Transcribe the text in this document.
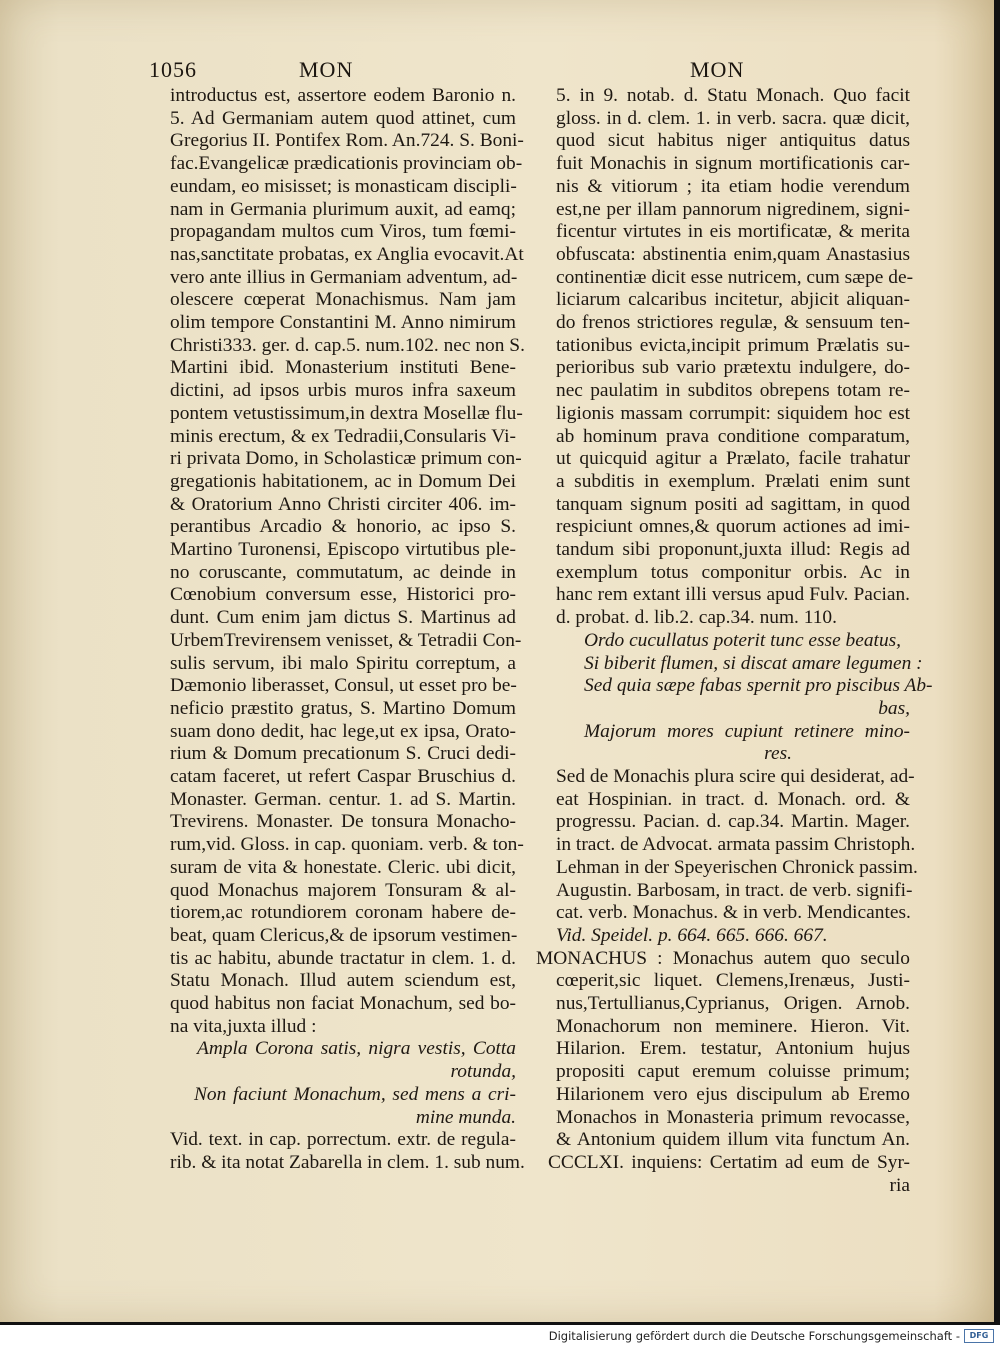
1056	MON	MON
introductus est, assertore eodem Baronio n.
5. Ad Germaniam autem quod attinet, cum
Gregorius II. Pontifex Rom. An.724. S. Boni-
fac.Evangelicæ prædicationis provinciam ob-
eundam, eo misisset; is monasticam discipli-
nam in Germania plurimum auxit, ad eamq;
propagandam multos cum Viros, tum fœmi-
nas,sanctitate probatas, ex Anglia evocavit.At
vero ante illius in Germaniam adventum, ad-
olescere cœperat Monachismus. Nam jam
olim tempore Constantini M. Anno nimirum
Christi333. ger. d. cap.5. num.102. nec non S.
Martini ibid. Monasterium instituti Bene-
dictini, ad ipsos urbis muros infra saxeum
pontem vetustissimum,in dextra Mosellæ flu-
minis erectum, & ex Tedradii,Consularis Vi-
ri privata Domo, in Scholasticæ primum con-
gregationis habitationem, ac in Domum Dei
& Oratorium Anno Christi circiter 406. im-
perantibus Arcadio & honorio, ac ipso S.
Martino Turonensi, Episcopo virtutibus ple-
no coruscante, commutatum, ac deinde in
Cœnobium conversum esse, Historici pro-
dunt. Cum enim jam dictus S. Martinus ad
UrbemTrevirensem venisset, & Tetradii Con-
sulis servum, ibi malo Spiritu correptum, a
Dæmonio liberasset, Consul, ut esset pro be-
neficio præstito gratus, S. Martino Domum
suam dono dedit, hac lege,ut ex ipsa, Orato-
rium & Domum precationum S. Cruci dedi-
catam faceret, ut refert Caspar Bruschius d.
Monaster. German. centur. 1. ad S. Martin.
Trevirens. Monaster. De tonsura Monacho-
rum,vid. Gloss. in cap. quoniam. verb. & ton-
suram de vita & honestate. Cleric. ubi dicit,
quod Monachus majorem Tonsuram & al-
tiorem,ac rotundiorem coronam habere de-
beat, quam Clericus,& de ipsorum vestimen-
tis ac habitu, abunde tractatur in clem. 1. d.
Statu Monach. Illud autem sciendum est,
quod habitus non faciat Monachum, sed bo-
na vita,juxta illud :
Ampla Corona satis, nigra vestis, Cotta
rotunda,
Non faciunt Monachum, sed mens a cri-
mine munda.
Vid. text. in cap. porrectum. extr. de regula-
rib. & ita notat Zabarella in clem. 1. sub num.
5. in 9. notab. d. Statu Monach. Quo facit
gloss. in d. clem. 1. in verb. sacra. quæ dicit,
quod sicut habitus niger antiquitus datus
fuit Monachis in signum mortificationis car-
nis & vitiorum ; ita etiam hodie verendum
est,ne per illam pannorum nigredinem, signi-
ficentur virtutes in eis mortificatæ, & merita
obfuscata: abstinentia enim,quam Anastasius
continentiæ dicit esse nutricem, cum sæpe de-
liciarum calcaribus incitetur, abjicit aliquan-
do frenos strictiores regulæ, & sensuum ten-
tationibus evicta,incipit primum Prælatis su-
perioribus sub vario prætextu indulgere, do-
nec paulatim in subditos obrepens totam re-
ligionis massam corrumpit: siquidem hoc est
ab hominum prava conditione comparatum,
ut quicquid agitur a Prælato, facile trahatur
a subditis in exemplum. Prælati enim sunt
tanquam signum positi ad sagittam, in quod
respiciunt omnes,& quorum actiones ad imi-
tandum sibi proponunt,juxta illud: Regis ad
exemplum totus componitur orbis. Ac in
hanc rem extant illi versus apud Fulv. Pacian.
d. probat. d. lib.2. cap.34. num. 110.
Ordo cucullatus poterit tunc esse beatus,
Si biberit flumen, si discat amare legumen :
Sed quia sæpe fabas spernit pro piscibus Ab-
bas,
Majorum mores cupiunt retinere mino-
res.
Sed de Monachis plura scire qui desiderat, ad-
eat Hospinian. in tract. d. Monach. ord. &
progressu. Pacian. d. cap.34. Martin. Mager.
in tract. de Advocat. armata passim Christoph.
Lehman in der Speyerischen Chronick passim.
Augustin. Barbosam, in tract. de verb. signifi-
cat. verb. Monachus. & in verb. Mendicantes.
Vid. Speidel. p. 664. 665. 666. 667.
MONACHUS : Monachus autem quo seculo
cœperit,sic liquet. Clemens,Irenæus, Justi-
nus,Tertullianus,Cyprianus, Origen. Arnob.
Monachorum non meminere. Hieron. Vit.
Hilarion. Erem. testatur, Antonium hujus
propositi caput eremum coluisse primum;
Hilarionem vero ejus discipulum ab Eremo
Monachos in Monasteria primum revocasse,
& Antonium quidem illum vita functum An.
CCCLXI. inquiens: Certatim ad eum de Syr-
ria
Digitalisierung gefördert durch die Deutsche Forschungsgemeinschaft -	DFG
